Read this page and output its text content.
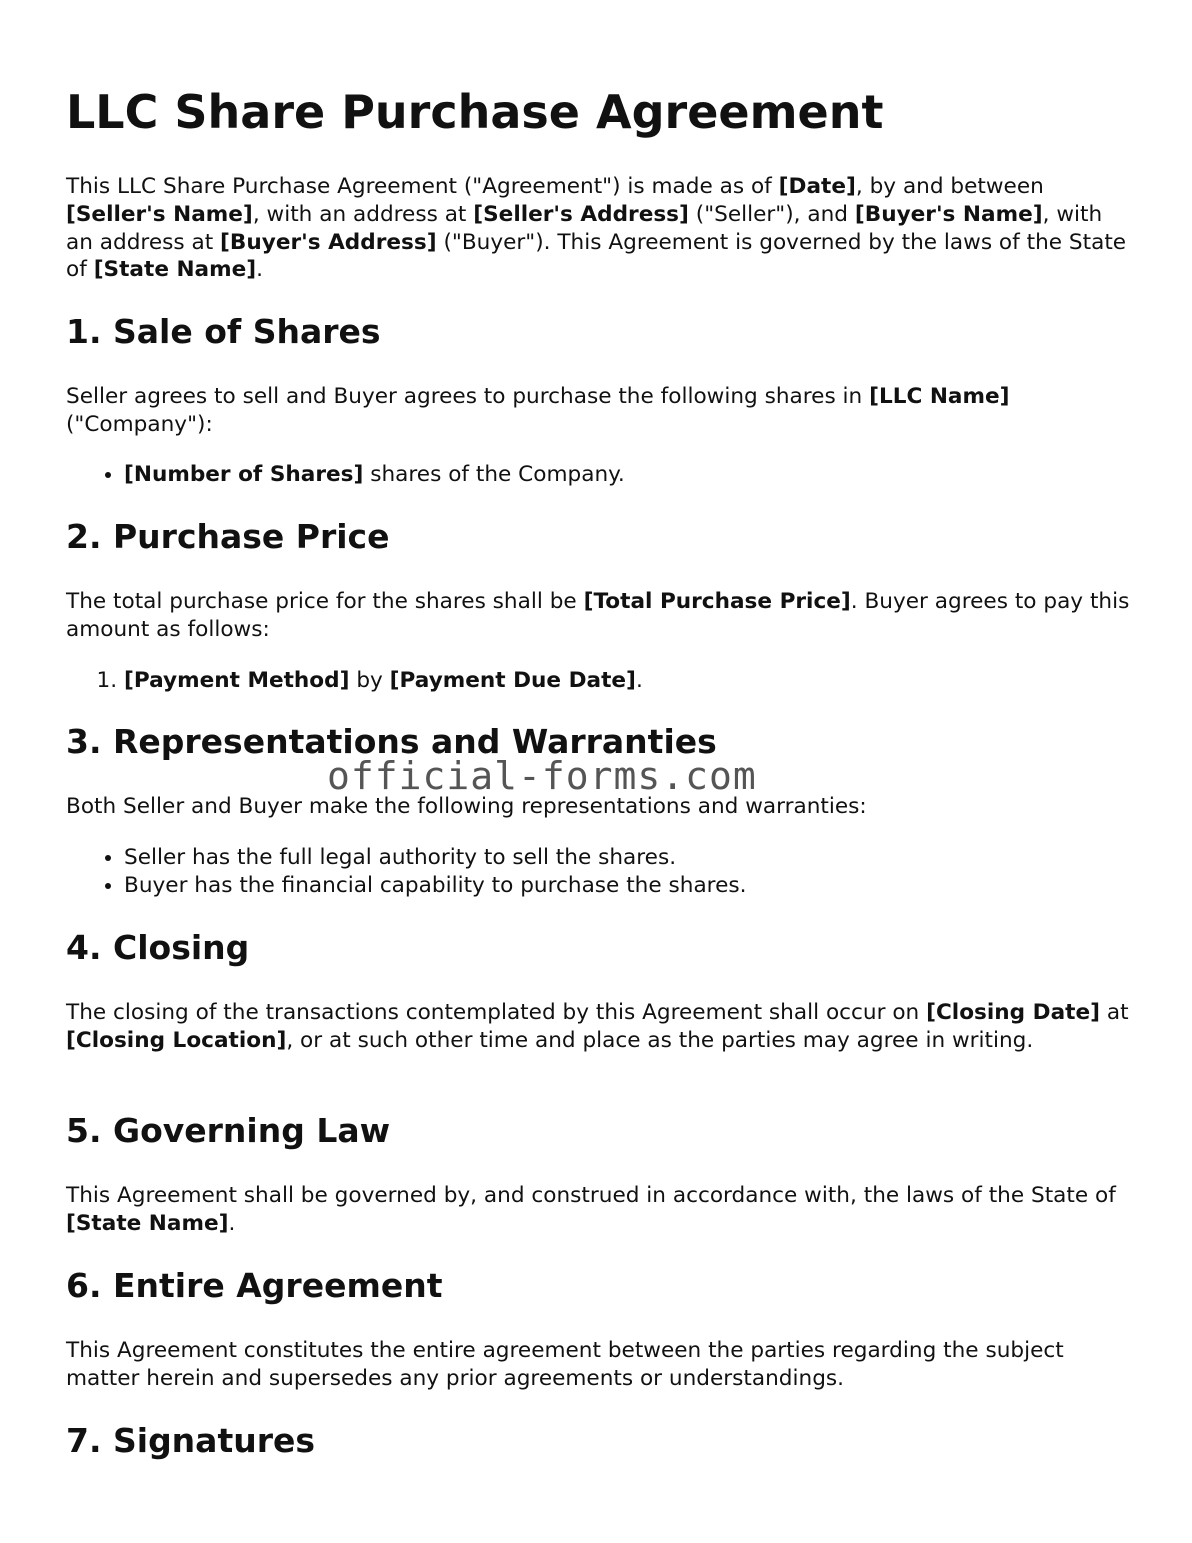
LLC Share Purchase Agreement

This LLC Share Purchase Agreement ("Agreement") is made as of [Date], by and between [Seller's Name], with an address at [Seller's Address] ("Seller"), and [Buyer's Name], with an address at [Buyer's Address] ("Buyer"). This Agreement is governed by the laws of the State of [State Name].

1. Sale of Shares

Seller agrees to sell and Buyer agrees to purchase the following shares in [LLC Name] ("Company"):

• [Number of Shares] shares of the Company.
2. Purchase Price

The total purchase price for the shares shall be [Total Purchase Price]. Buyer agrees to pay this amount as follows:

1. [Payment Method] by [Payment Due Date].
3. Representations and Warranties

Both Seller and Buyer make the following representations and warranties:

• Seller has the full legal authority to sell the shares.
• Buyer has the financial capability to purchase the shares.
4. Closing

The closing of the transactions contemplated by this Agreement shall occur on [Closing Date] at [Closing Location], or at such other time and place as the parties may agree in writing.

5. Governing Law

This Agreement shall be governed by, and construed in accordance with, the laws of the State of [State Name].

6. Entire Agreement

This Agreement constitutes the entire agreement between the parties regarding the subject matter herein and supersedes any prior agreements or understandings.

7. Signatures
official-forms.com
